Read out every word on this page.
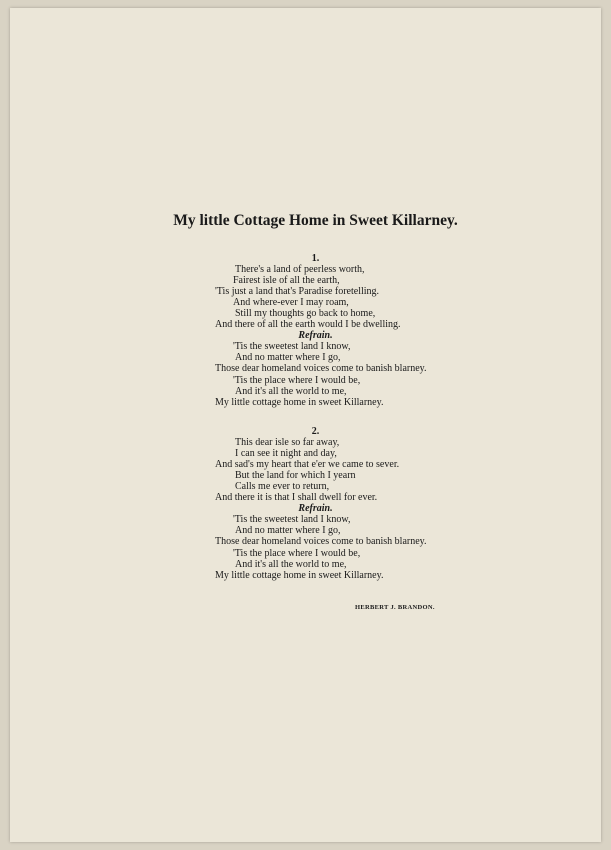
My little Cottage Home in Sweet Killarney.
1.
There's a land of peerless worth,
Fairest isle of all the earth,
'Tis just a land that's Paradise foretelling.
And where-ever I may roam,
Still my thoughts go back to home,
And there of all the earth would I be dwelling.
Refrain.
'Tis the sweetest land I know,
And no matter where I go,
Those dear homeland voices come to banish blarney.
'Tis the place where I would be,
And it's all the world to me,
My little cottage home in sweet Killarney.
2.
This dear isle so far away,
I can see it night and day,
And sad's my heart that e'er we came to sever.
But the land for which I yearn
Calls me ever to return,
And there it is that I shall dwell for ever.
Refrain.
'Tis the sweetest land I know,
And no matter where I go,
Those dear homeland voices come to banish blarney.
'Tis the place where I would be,
And it's all the world to me,
My little cottage home in sweet Killarney.
HERBERT J. BRANDON.
